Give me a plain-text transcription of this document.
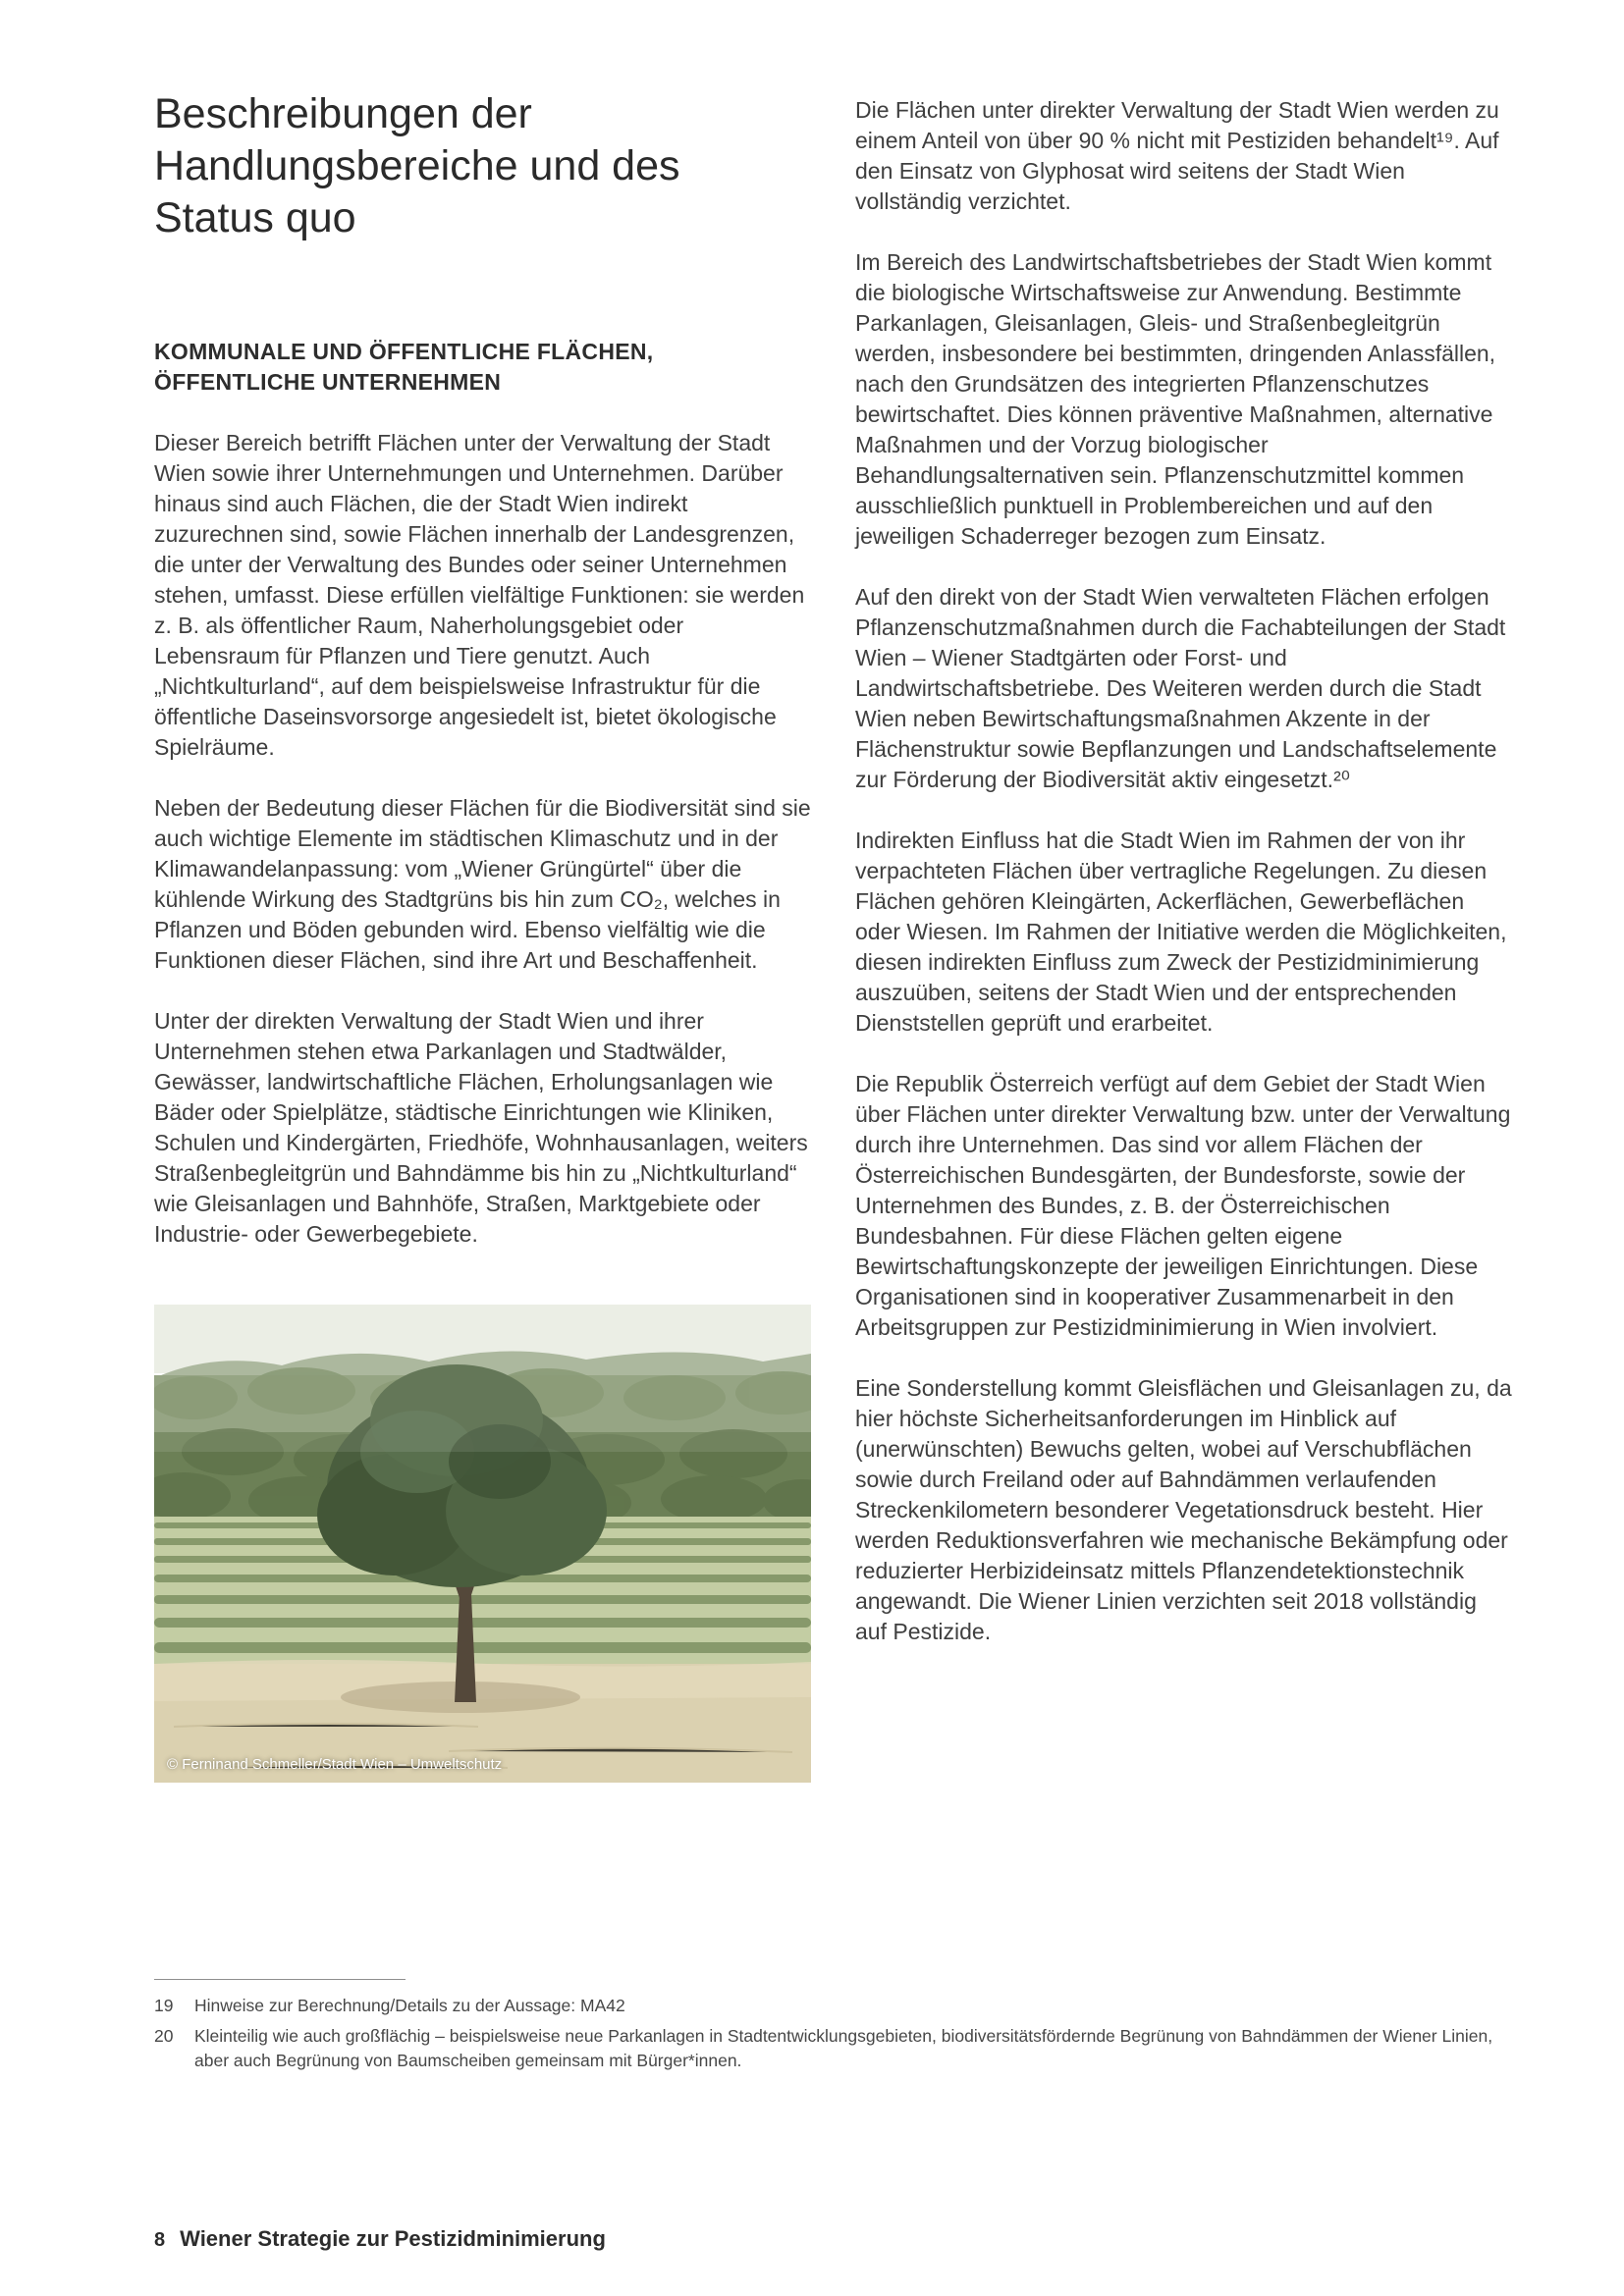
Beschreibungen der
Handlungsbereiche und des
Status quo
KOMMUNALE UND ÖFFENTLICHE FLÄCHEN,
ÖFFENTLICHE UNTERNEHMEN

Dieser Bereich betrifft Flächen unter der Verwaltung der Stadt Wien sowie ihrer Unternehmungen und Unternehmen. Darüber hinaus sind auch Flächen, die der Stadt Wien indirekt zuzurechnen sind, sowie Flächen innerhalb der Landesgrenzen, die unter der Verwaltung des Bundes oder seiner Unternehmen stehen, umfasst. Diese erfüllen vielfältige Funktionen: sie werden z. B. als öffentlicher Raum, Naherholungsgebiet oder Lebensraum für Pflanzen und Tiere genutzt. Auch „Nichtkulturland“, auf dem beispielsweise Infrastruktur für die öffentliche Daseinsvorsorge angesiedelt ist, bietet ökologische Spielräume.

Neben der Bedeutung dieser Flächen für die Biodiversität sind sie auch wichtige Elemente im städtischen Klimaschutz und in der Klimawandelanpassung: vom „Wiener Grüngürtel“ über die kühlende Wirkung des Stadtgrüns bis hin zum CO₂, welches in Pflanzen und Böden gebunden wird. Ebenso vielfältig wie die Funktionen dieser Flächen, sind ihre Art und Beschaffenheit.

Unter der direkten Verwaltung der Stadt Wien und ihrer Unternehmen stehen etwa Parkanlagen und Stadtwälder, Gewässer, landwirtschaftliche Flächen, Erholungsanlagen wie Bäder oder Spielplätze, städtische Einrichtungen wie Kliniken, Schulen und Kindergärten, Friedhöfe, Wohnhausanlagen, weiters Straßenbegleitgrün und Bahndämme bis hin zu „Nichtkulturland“ wie Gleisanlagen und Bahnhöfe, Straßen, Marktgebiete oder Industrie- oder Gewerbegebiete.

© Ferninand Schmeller/Stadt Wien – Umweltschutz

Die Flächen unter direkter Verwaltung der Stadt Wien werden zu einem Anteil von über 90 % nicht mit Pestiziden behandelt¹⁹. Auf den Einsatz von Glyphosat wird seitens der Stadt Wien vollständig verzichtet.

Im Bereich des Landwirtschaftsbetriebes der Stadt Wien kommt die biologische Wirtschaftsweise zur Anwendung. Bestimmte Parkanlagen, Gleisanlagen, Gleis- und Straßenbegleitgrün werden, insbesondere bei bestimmten, dringenden Anlassfällen, nach den Grundsätzen des integrierten Pflanzenschutzes bewirtschaftet. Dies können präventive Maßnahmen, alternative Maßnahmen und der Vorzug biologischer Behandlungsalternativen sein. Pflanzenschutzmittel kommen ausschließlich punktuell in Problembereichen und auf den jeweiligen Schaderreger bezogen zum Einsatz.

Auf den direkt von der Stadt Wien verwalteten Flächen erfolgen Pflanzenschutzmaßnahmen durch die Fachabteilungen der Stadt Wien – Wiener Stadtgärten oder Forst- und Landwirtschaftsbetriebe. Des Weiteren werden durch die Stadt Wien neben Bewirtschaftungsmaßnahmen Akzente in der Flächenstruktur sowie Bepflanzungen und Landschaftselemente zur Förderung der Biodiversität aktiv eingesetzt.²⁰

Indirekten Einfluss hat die Stadt Wien im Rahmen der von ihr verpachteten Flächen über vertragliche Regelungen. Zu diesen Flächen gehören Kleingärten, Ackerflächen, Gewerbeflächen oder Wiesen. Im Rahmen der Initiative werden die Möglichkeiten, diesen indirekten Einfluss zum Zweck der Pestizidminimierung auszuüben, seitens der Stadt Wien und der entsprechenden Dienststellen geprüft und erarbeitet.

Die Republik Österreich verfügt auf dem Gebiet der Stadt Wien über Flächen unter direkter Verwaltung bzw. unter der Verwaltung durch ihre Unternehmen. Das sind vor allem Flächen der Österreichischen Bundesgärten, der Bundesforste, sowie der Unternehmen des Bundes, z. B. der Österreichischen Bundesbahnen. Für diese Flächen gelten eigene Bewirtschaftungskonzepte der jeweiligen Einrichtungen. Diese Organisationen sind in kooperativer Zusammenarbeit in den Arbeitsgruppen zur Pestizidminimierung in Wien involviert.

Eine Sonderstellung kommt Gleisflächen und Gleisanlagen zu, da hier höchste Sicherheitsanforderungen im Hinblick auf (unerwünschten) Bewuchs gelten, wobei auf Verschubflächen sowie durch Freiland oder auf Bahndämmen verlaufenden Streckenkilometern besonderer Vegetationsdruck besteht. Hier werden Reduktionsverfahren wie mechanische Bekämpfung oder reduzierter Herbizideinsatz mittels Pflanzendetektionstechnik angewandt. Die Wiener Linien verzichten seit 2018 vollständig auf Pestizide.

19	Hinweise zur Berechnung/Details zu der Aussage: MA42
20	Kleinteilig wie auch großflächig – beispielsweise neue Parkanlagen in Stadtentwicklungsgebieten, biodiversitätsfördernde Begrünung von Bahndämmen der Wiener Linien, aber auch Begrünung von Baumscheiben gemeinsam mit Bürger*innen.
8 Wiener Strategie zur Pestizidminimierung
